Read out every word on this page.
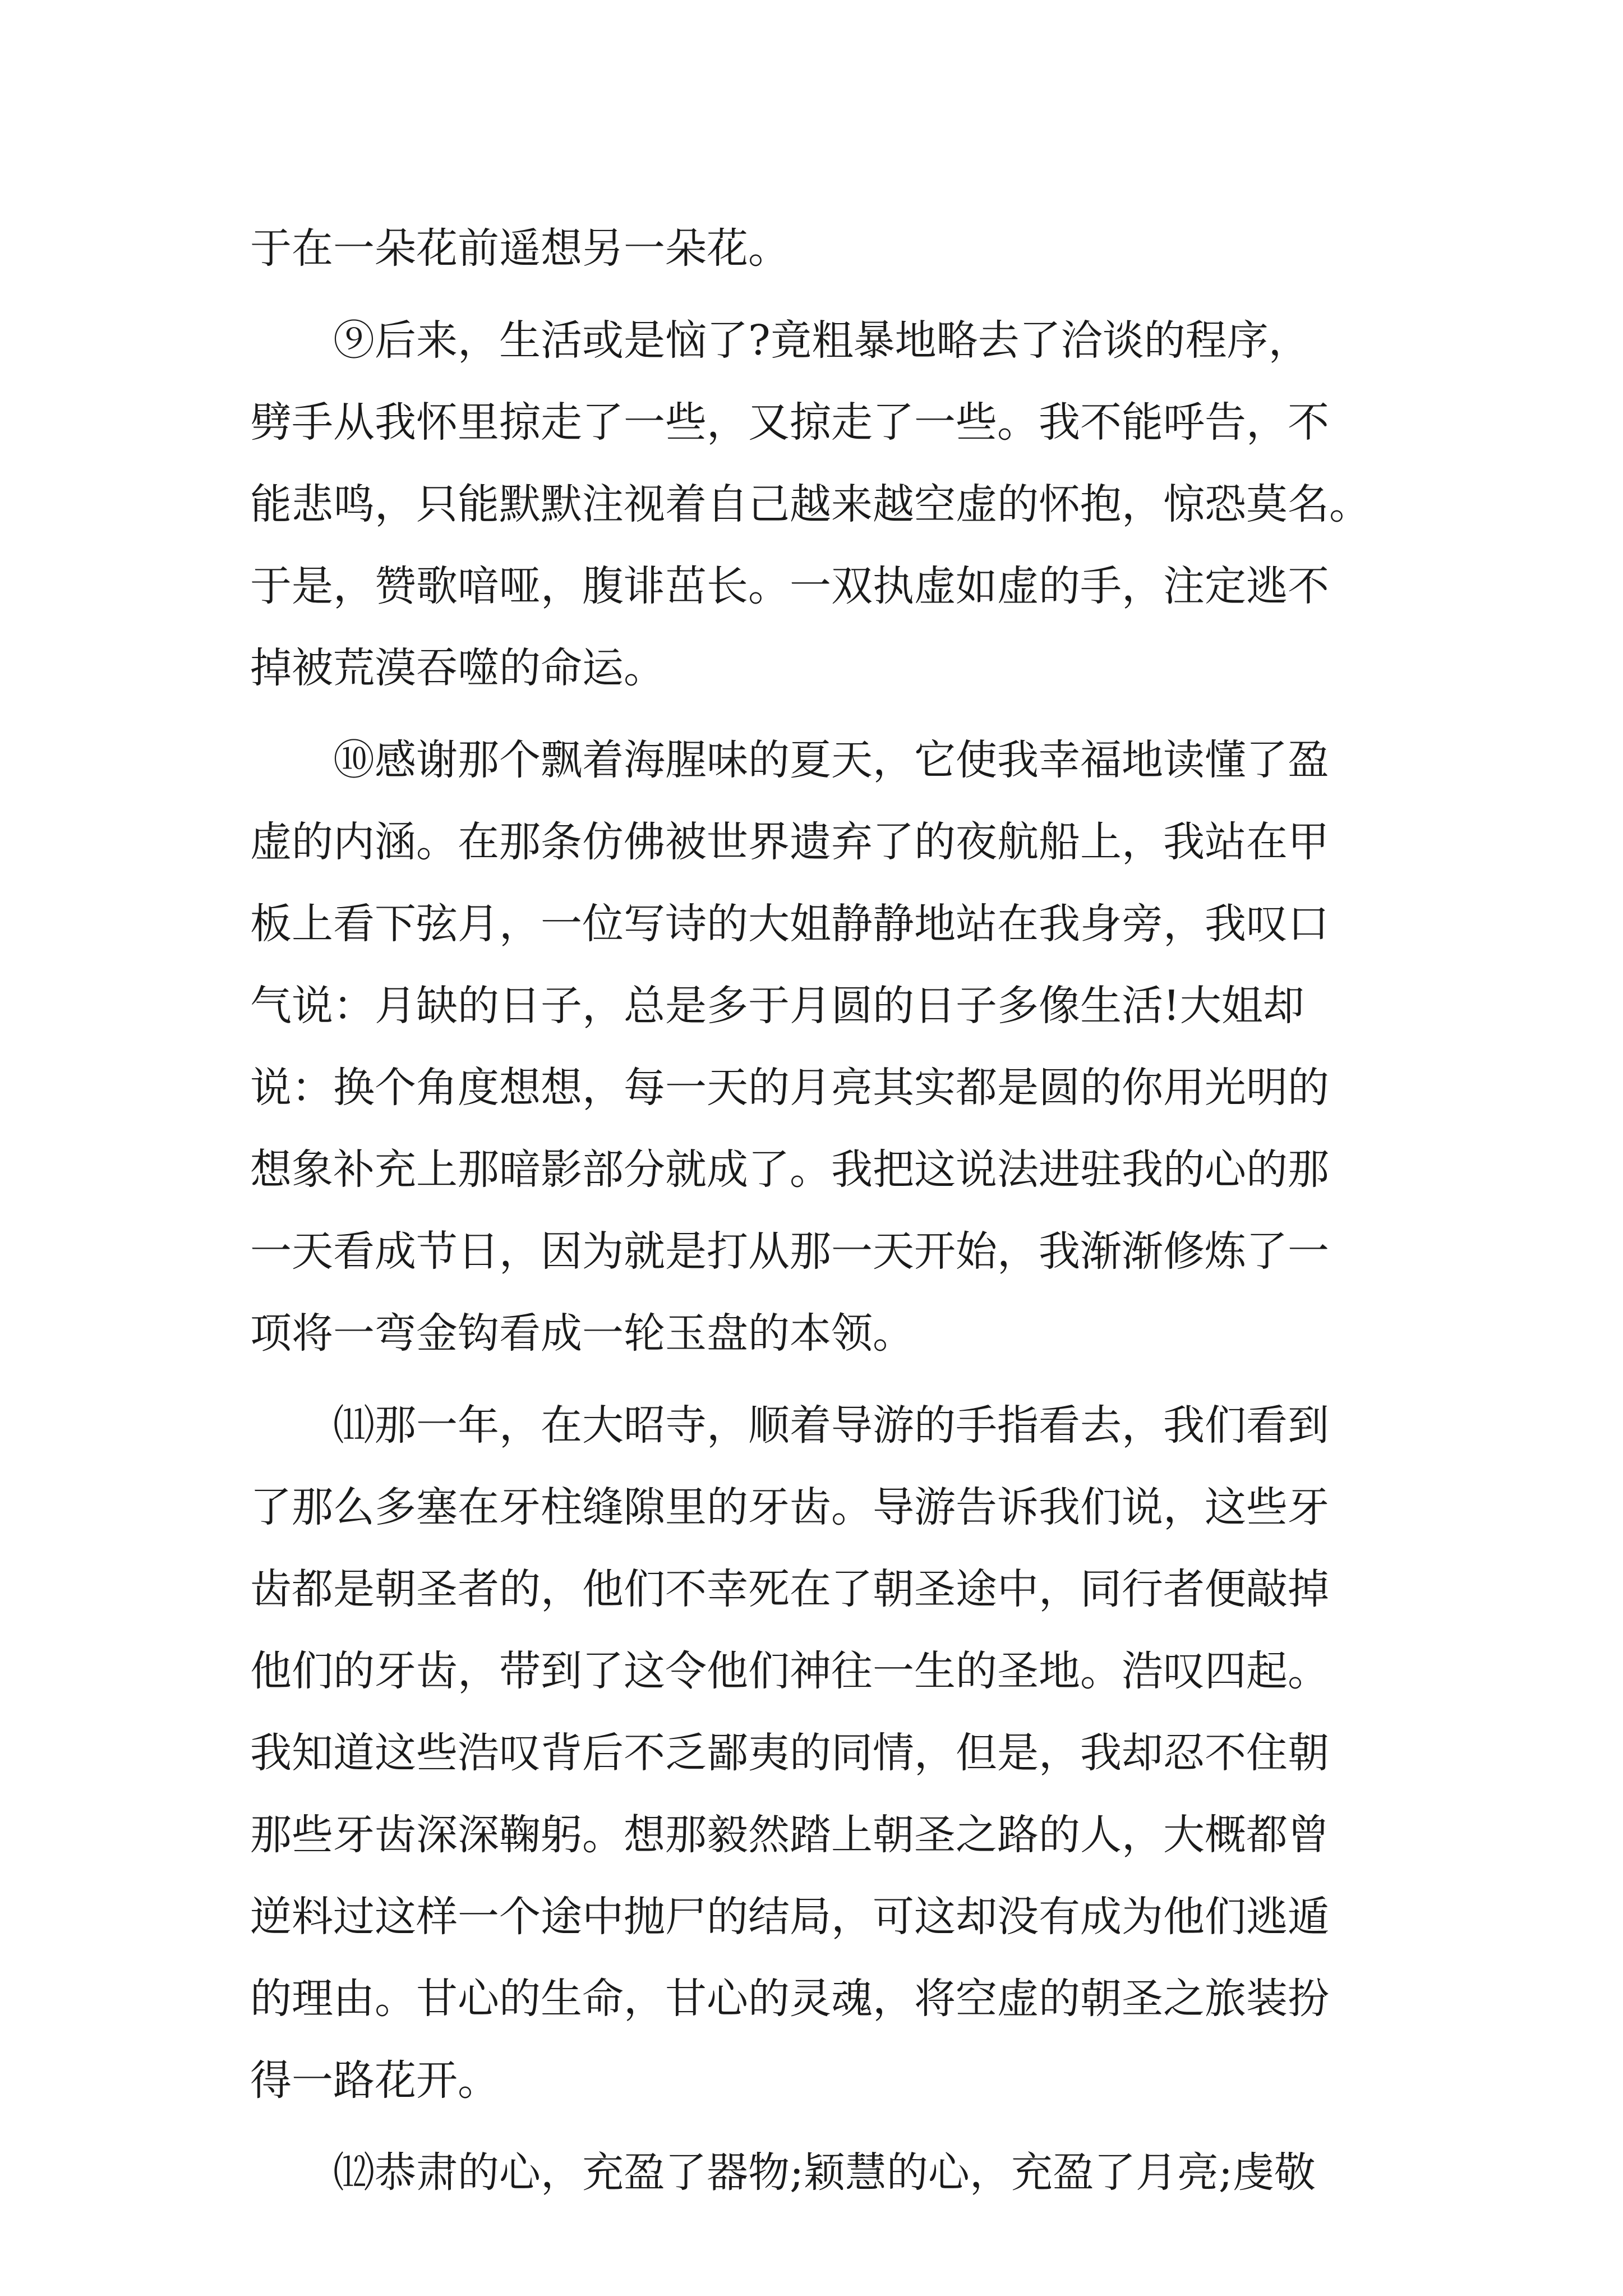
于在一朵花前遥想另一朵花。
　　⑨后来，生活或是恼了?竟粗暴地略去了洽谈的程序，
劈手从我怀里掠走了一些，又掠走了一些。我不能呼告，不
能悲鸣，只能默默注视着自己越来越空虚的怀抱，惊恐莫名。
于是，赞歌喑哑，腹诽茁长。一双执虚如虚的手，注定逃不
掉被荒漠吞噬的命运。
　　⑩感谢那个飘着海腥味的夏天，它使我幸福地读懂了盈
虚的内涵。在那条仿佛被世界遗弃了的夜航船上，我站在甲
板上看下弦月，一位写诗的大姐静静地站在我身旁，我叹口
气说：月缺的日子，总是多于月圆的日子多像生活!大姐却
说：换个角度想想，每一天的月亮其实都是圆的你用光明的
想象补充上那暗影部分就成了。我把这说法进驻我的心的那
一天看成节日，因为就是打从那一天开始，我渐渐修炼了一
项将一弯金钩看成一轮玉盘的本领。
　　⑾那一年，在大昭寺，顺着导游的手指看去，我们看到
了那么多塞在牙柱缝隙里的牙齿。导游告诉我们说，这些牙
齿都是朝圣者的，他们不幸死在了朝圣途中，同行者便敲掉
他们的牙齿，带到了这令他们神往一生的圣地。浩叹四起。
我知道这些浩叹背后不乏鄙夷的同情，但是，我却忍不住朝
那些牙齿深深鞠躬。想那毅然踏上朝圣之路的人，大概都曾
逆料过这样一个途中抛尸的结局，可这却没有成为他们逃遁
的理由。甘心的生命，甘心的灵魂，将空虚的朝圣之旅装扮
得一路花开。
　　⑿恭肃的心，充盈了器物;颖慧的心，充盈了月亮;虔敬
